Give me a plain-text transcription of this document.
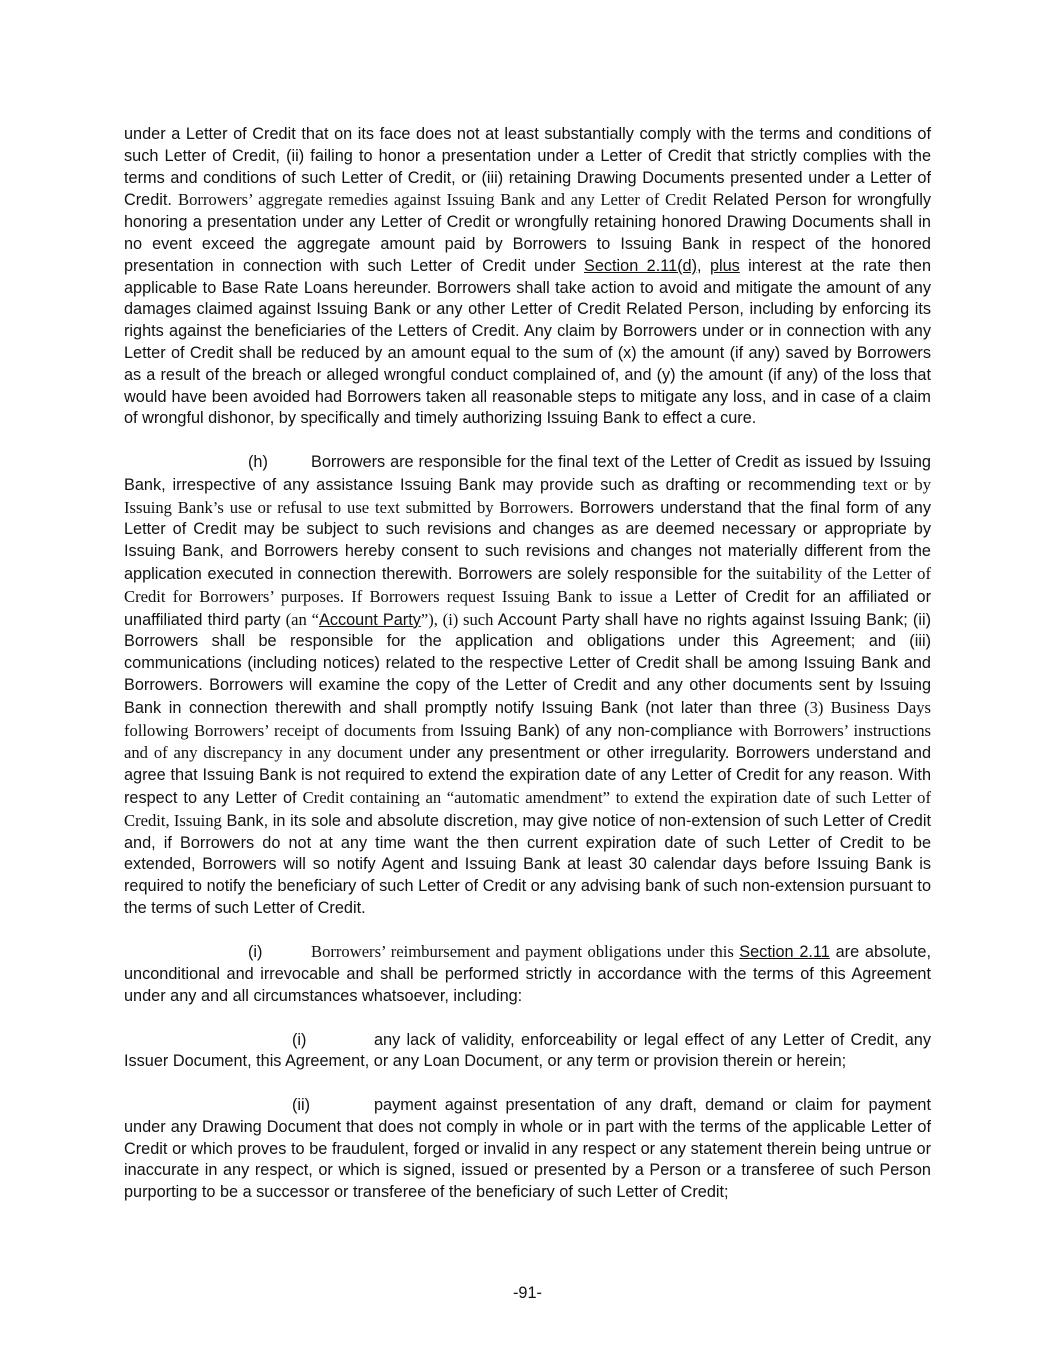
under a Letter of Credit that on its face does not at least substantially comply with the terms and conditions of such Letter of Credit, (ii) failing to honor a presentation under a Letter of Credit that strictly complies with the terms and conditions of such Letter of Credit, or (iii) retaining Drawing Documents presented under a Letter of Credit. Borrowers’ aggregate remedies against Issuing Bank and any Letter of Credit Related Person for wrongfully honoring a presentation under any Letter of Credit or wrongfully retaining honored Drawing Documents shall in no event exceed the aggregate amount paid by Borrowers to Issuing Bank in respect of the honored presentation in connection with such Letter of Credit under Section 2.11(d), plus interest at the rate then applicable to Base Rate Loans hereunder. Borrowers shall take action to avoid and mitigate the amount of any damages claimed against Issuing Bank or any other Letter of Credit Related Person, including by enforcing its rights against the beneficiaries of the Letters of Credit. Any claim by Borrowers under or in connection with any Letter of Credit shall be reduced by an amount equal to the sum of (x) the amount (if any) saved by Borrowers as a result of the breach or alleged wrongful conduct complained of, and (y) the amount (if any) of the loss that would have been avoided had Borrowers taken all reasonable steps to mitigate any loss, and in case of a claim of wrongful dishonor, by specifically and timely authorizing Issuing Bank to effect a cure.

(h)	Borrowers are responsible for the final text of the Letter of Credit as issued by Issuing Bank, irrespective of any assistance Issuing Bank may provide such as drafting or recommending text or by Issuing Bank’s use or refusal to use text submitted by Borrowers. Borrowers understand that the final form of any Letter of Credit may be subject to such revisions and changes as are deemed necessary or appropriate by Issuing Bank, and Borrowers hereby consent to such revisions and changes not materially different from the application executed in connection therewith. Borrowers are solely responsible for the suitability of the Letter of Credit for Borrowers’ purposes. If Borrowers request Issuing Bank to issue a Letter of Credit for an affiliated or unaffiliated third party (an “Account Party”), (i) such Account Party shall have no rights against Issuing Bank; (ii) Borrowers shall be responsible for the application and obligations under this Agreement; and (iii) communications (including notices) related to the respective Letter of Credit shall be among Issuing Bank and Borrowers. Borrowers will examine the copy of the Letter of Credit and any other documents sent by Issuing Bank in connection therewith and shall promptly notify Issuing Bank (not later than three (3) Business Days following Borrowers’ receipt of documents from Issuing Bank) of any non-compliance with Borrowers’ instructions and of any discrepancy in any document under any presentment or other irregularity. Borrowers understand and agree that Issuing Bank is not required to extend the expiration date of any Letter of Credit for any reason. With respect to any Letter of Credit containing an “automatic amendment” to extend the expiration date of such Letter of Credit, Issuing Bank, in its sole and absolute discretion, may give notice of non-extension of such Letter of Credit and, if Borrowers do not at any time want the then current expiration date of such Letter of Credit to be extended, Borrowers will so notify Agent and Issuing Bank at least 30 calendar days before Issuing Bank is required to notify the beneficiary of such Letter of Credit or any advising bank of such non-extension pursuant to the terms of such Letter of Credit.

(i)	Borrowers’ reimbursement and payment obligations under this Section 2.11 are absolute, unconditional and irrevocable and shall be performed strictly in accordance with the terms of this Agreement under any and all circumstances whatsoever, including:

(i)	any lack of validity, enforceability or legal effect of any Letter of Credit, any Issuer Document, this Agreement, or any Loan Document, or any term or provision therein or herein;

(ii)	payment against presentation of any draft, demand or claim for payment under any Drawing Document that does not comply in whole or in part with the terms of the applicable Letter of Credit or which proves to be fraudulent, forged or invalid in any respect or any statement therein being untrue or inaccurate in any respect, or which is signed, issued or presented by a Person or a transferee of such Person purporting to be a successor or transferee of the beneficiary of such Letter of Credit;

-91-
